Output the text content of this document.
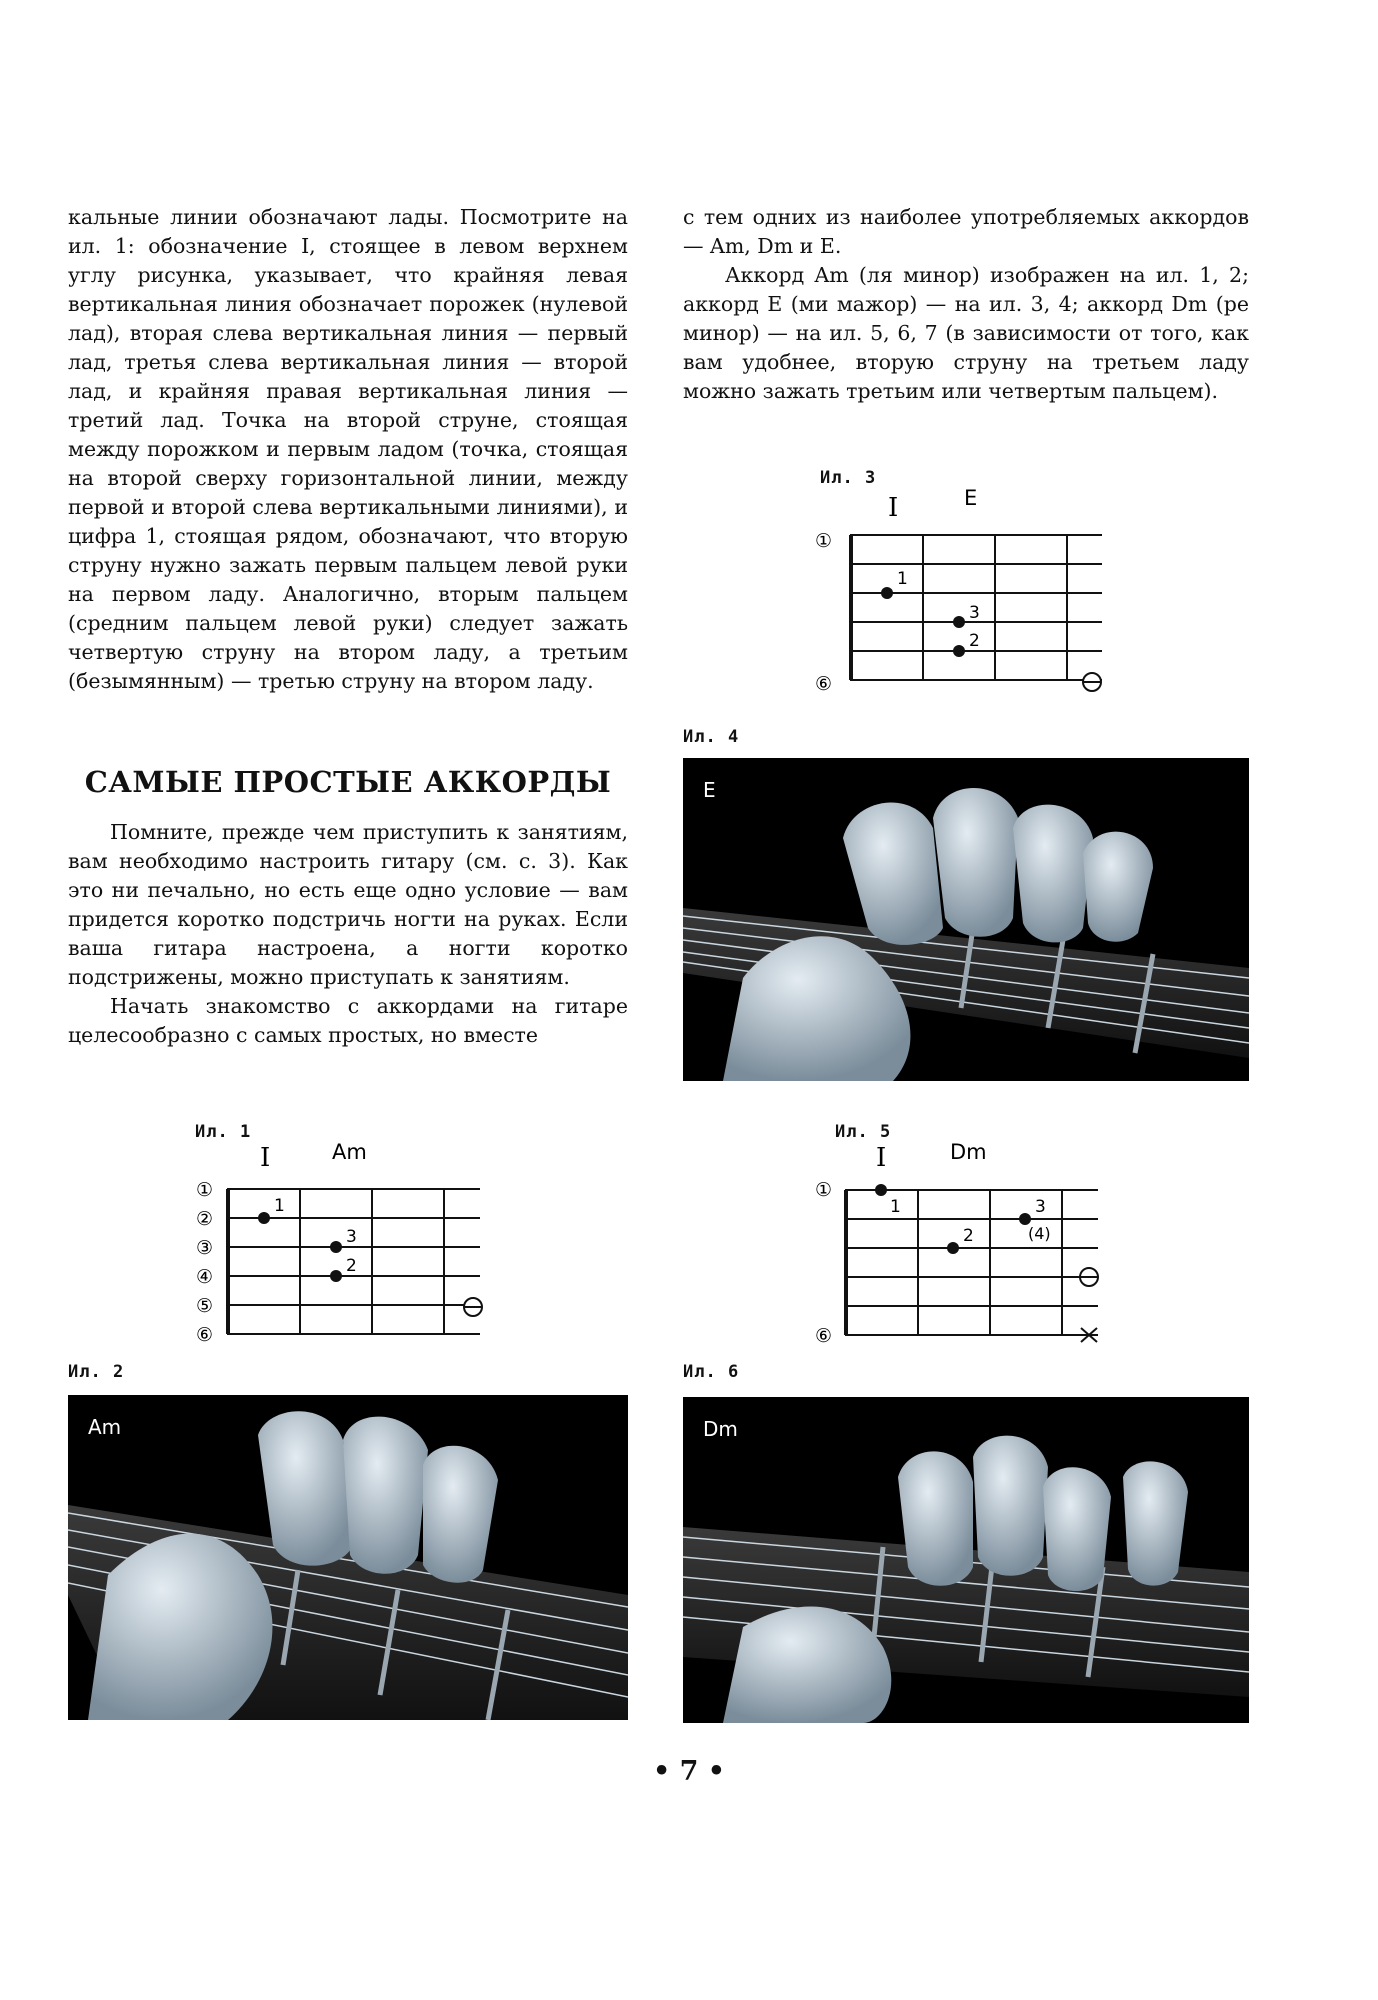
кальные линии обозначают лады. Посмотрите на ил. 1: обозначение I, стоящее в левом верхнем углу рисунка, указывает, что крайняя левая вертикальная линия обозначает порожек (нулевой лад), вторая слева вертикальная линия — первый лад, третья слева вертикальная линия — второй лад, и крайняя правая вертикальная линия — третий лад. Точка на второй струне, стоящая между порожком и первым ладом (точка, стоящая на второй сверху горизонтальной линии, между первой и второй слева вертикальными линиями), и цифра 1, стоящая рядом, обозначают, что вторую струну нужно зажать первым пальцем левой руки на первом ладу. Аналогично, вторым пальцем (средним пальцем левой руки) следует зажать четвертую струну на втором ладу, а третьим (безымянным) — третью струну на втором ладу.

САМЫЕ ПРОСТЫЕ АККОРДЫ

Помните, прежде чем приступить к занятиям, вам необходимо настроить гитару (см. с. 3). Как это ни печально, но есть еще одно условие — вам придется коротко подстричь ногти на руках. Если ваша гитара настроена, а ногти коротко подстрижены, можно приступать к занятиям.

Начать знакомство с аккордами на гитаре целесообразно с самых простых, но вместе

с тем одних из наиболее употребляемых аккордов — Am, Dm и E.

Аккорд Am (ля минор) изображен на ил. 1, 2; аккорд E (ми мажор) — на ил. 3, 4; аккорд Dm (ре минор) — на ил. 5, 6, 7 (в зависимости от того, как вам удобнее, вторую струну на третьем ладу можно зажать третьим или четвертым пальцем).

Ил. 3
I	E
①
⑥
1
3
2
Ил. 4
E
Ил. 1
I	Am
①
②
③
④
⑤
⑥
1
3
2
Ил. 5
I	Dm
①
⑥
1
2
3
(4)
Ил. 2
Am
Ил. 6
Dm
• 7 •
